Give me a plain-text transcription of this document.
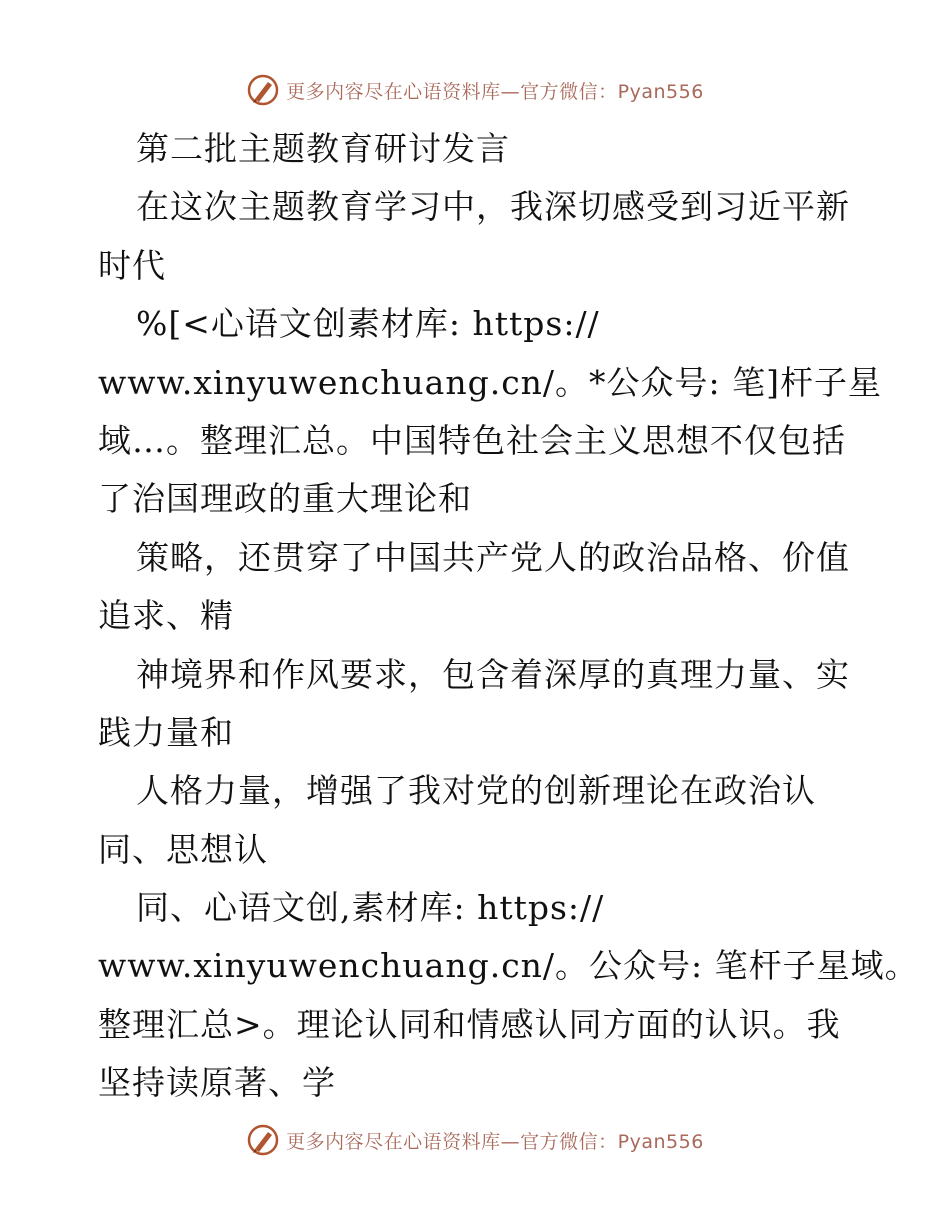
更多内容尽在心语资料库—官方微信：Pyan556
第二批主题教育研讨发言
在这次主题教育学习中，我深切感受到习近平新
时代
%[<心语文创素材库: https://
www.xinyuwenchuang.cn/。*公众号: 笔]杆子星
域…。整理汇总。中国特色社会主义思想不仅包括
了治国理政的重大理论和
策略，还贯穿了中国共产党人的政治品格、价值
追求、精
神境界和作风要求，包含着深厚的真理力量、实
践力量和
人格力量，增强了我对党的创新理论在政治认
同、思想认
同、心语文创,素材库: https://
www.xinyuwenchuang.cn/。公众号: 笔杆子星域。
整理汇总>。理论认同和情感认同方面的认识。我
坚持读原著、学
更多内容尽在心语资料库—官方微信：Pyan556
